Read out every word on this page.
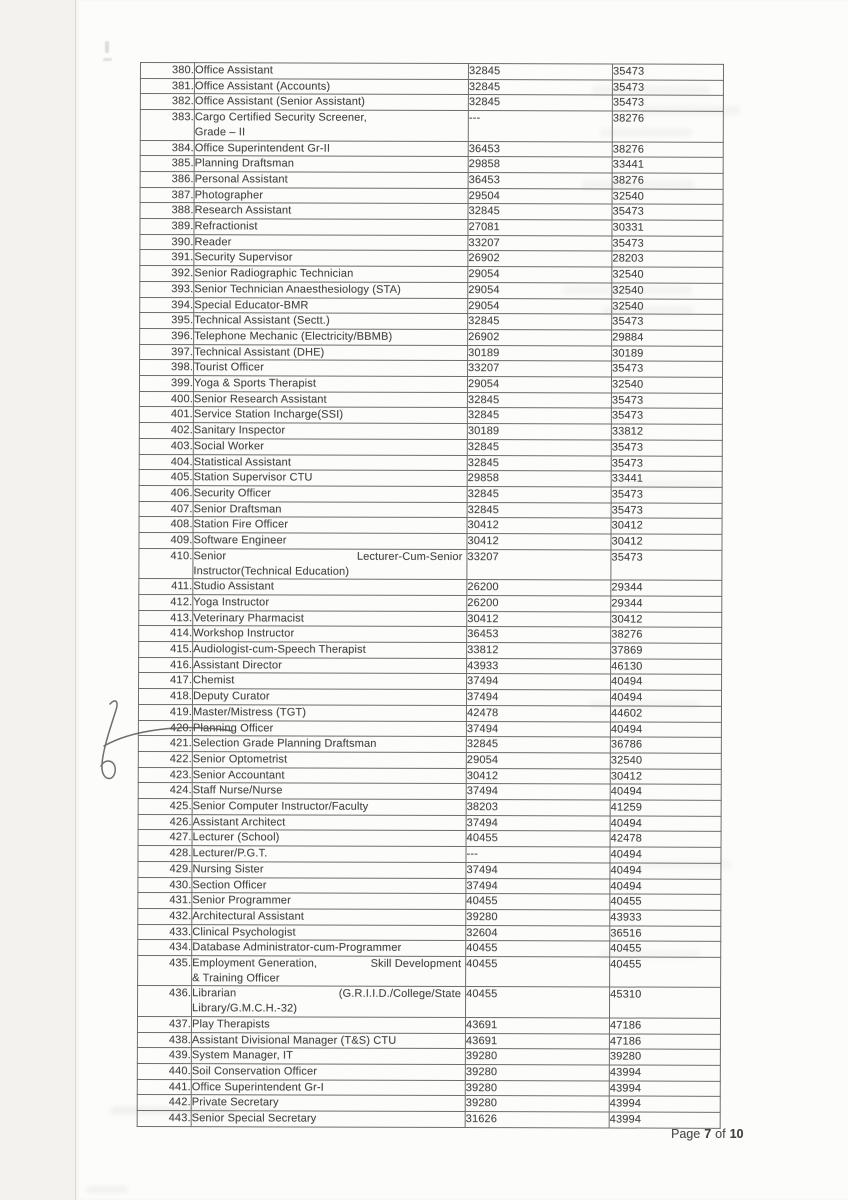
380.	Office Assistant	32845	35473
381.	Office Assistant (Accounts)	32845	35473
382.	Office Assistant (Senior Assistant)	32845	35473
383.	Cargo Certified Security Screener,
Grade – II	---	38276
384.	Office Superintendent Gr-II	36453	38276
385.	Planning Draftsman	29858	33441
386.	Personal Assistant	36453	38276
387.	Photographer	29504	32540
388.	Research Assistant	32845	35473
389.	Refractionist	27081	30331
390.	Reader	33207	35473
391.	Security Supervisor	26902	28203
392.	Senior Radiographic Technician	29054	32540
393.	Senior Technician Anaesthesiology (STA)	29054	32540
394.	Special Educator-BMR	29054	32540
395.	Technical Assistant (Sectt.)	32845	35473
396.	Telephone Mechanic (Electricity/BBMB)	26902	29884
397.	Technical Assistant (DHE)	30189	30189
398.	Tourist Officer	33207	35473
399.	Yoga & Sports Therapist	29054	32540
400.	Senior Research Assistant	32845	35473
401.	Service Station Incharge(SSI)	32845	35473
402.	Sanitary Inspector	30189	33812
403.	Social Worker	32845	35473
404.	Statistical Assistant	32845	35473
405.	Station Supervisor CTU	29858	33441
406.	Security Officer	32845	35473
407.	Senior Draftsman	32845	35473
408.	Station Fire Officer	30412	30412
409.	Software Engineer	30412	30412
410.	Senior Lecturer-Cum-Senior
Instructor(Technical Education)	33207	35473
411.	Studio Assistant	26200	29344
412.	Yoga Instructor	26200	29344
413.	Veterinary Pharmacist	30412	30412
414.	Workshop Instructor	36453	38276
415.	Audiologist-cum-Speech Therapist	33812	37869
416.	Assistant Director	43933	46130
417.	Chemist	37494	40494
418.	Deputy Curator	37494	40494
419.	Master/Mistress (TGT)	42478	44602
420.	Planning Officer	37494	40494
421.	Selection Grade Planning Draftsman	32845	36786
422.	Senior Optometrist	29054	32540
423.	Senior Accountant	30412	30412
424.	Staff Nurse/Nurse	37494	40494
425.	Senior Computer Instructor/Faculty	38203	41259
426.	Assistant Architect	37494	40494
427.	Lecturer (School)	40455	42478
428.	Lecturer/P.G.T.	---	40494
429.	Nursing Sister	37494	40494
430.	Section Officer	37494	40494
431.	Senior Programmer	40455	40455
432.	Architectural Assistant	39280	43933
433.	Clinical Psychologist	32604	36516
434.	Database Administrator-cum-Programmer	40455	40455
435.	Employment Generation, Skill Development
& Training Officer	40455	40455
436.	Librarian (G.R.I.I.D./College/State
Library/G.M.C.H.-32)	40455	45310
437.	Play Therapists	43691	47186
438.	Assistant Divisional Manager (T&S) CTU	43691	47186
439.	System Manager, IT	39280	39280
440.	Soil Conservation Officer	39280	43994
441.	Office Superintendent Gr-I	39280	43994
442.	Private Secretary	39280	43994
443.	Senior Special Secretary	31626	43994
Page 7 of 10
